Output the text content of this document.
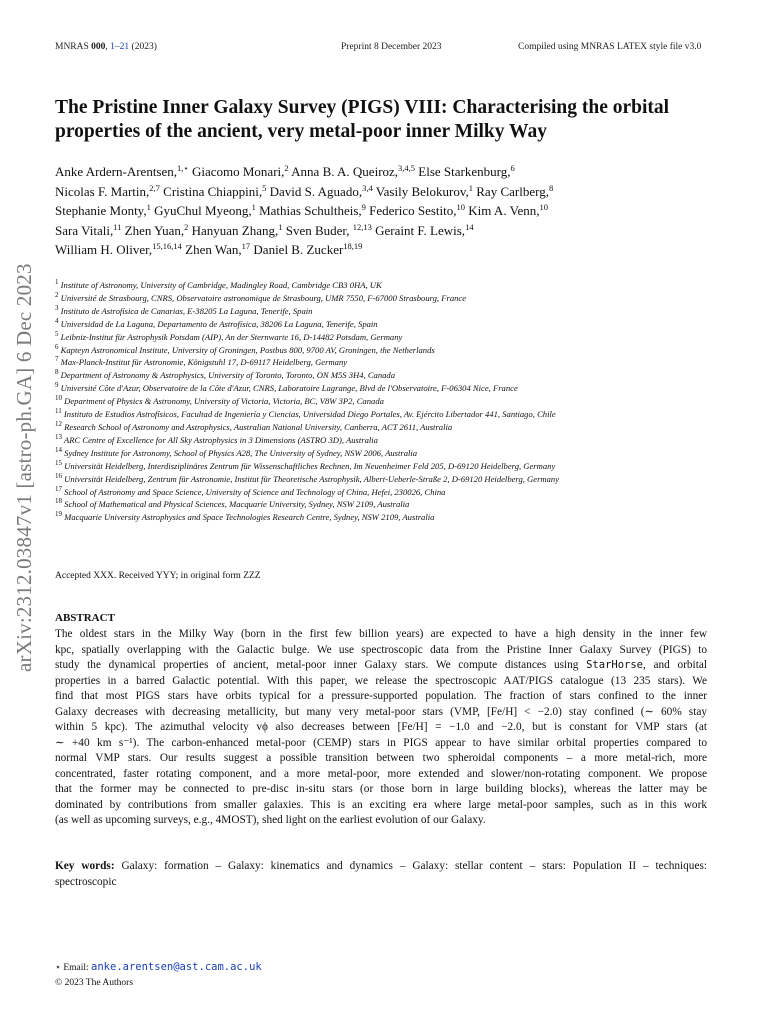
MNRAS 000, 1–21 (2023)	Preprint 8 December 2023	Compiled using MNRAS LATEX style file v3.0
arXiv:2312.03847v1 [astro-ph.GA] 6 Dec 2023
The Pristine Inner Galaxy Survey (PIGS) VIII: Characterising the orbital
properties of the ancient, very metal-poor inner Milky Way
Anke Ardern-Arentsen,$^{1,⋆}$ Giacomo Monari,$^2$ Anna B. A. Queiroz,$^{3,4,5}$ Else Starkenburg,$^6$
Nicolas F. Martin,$^{2,7}$ Cristina Chiappini,$^5$ David S. Aguado,$^{3,4}$ Vasily Belokurov,$^1$ Ray Carlberg,$^8$
Stephanie Monty,$^1$ GyuChul Myeong,$^1$ Mathias Schultheis,$^9$ Federico Sestito,$^{10}$ Kim A. Venn,$^{10}$
Sara Vitali,$^{11}$ Zhen Yuan,$^2$ Hanyuan Zhang,$^1$ Sven Buder, $^{12,13}$ Geraint F. Lewis,$^{14}$
William H. Oliver,$^{15,16,14}$ Zhen Wan,$^{17}$ Daniel B. Zucker$^{18,19}$
$^1$ Institute of Astronomy, University of Cambridge, Madingley Road, Cambridge CB3 0HA, UK
$^2$ Université de Strasbourg, CNRS, Observatoire astronomique de Strasbourg, UMR 7550, F-67000 Strasbourg, France
$^3$ Instituto de Astrofísica de Canarias, E-38205 La Laguna, Tenerife, Spain
$^4$ Universidad de La Laguna, Departamento de Astrofísica, 38206 La Laguna, Tenerife, Spain
$^5$ Leibniz-Institut für Astrophysik Potsdam (AIP), An der Sternwarte 16, D-14482 Potsdam, Germany
$^6$ Kapteyn Astronomical Institute, University of Groningen, Postbus 800, 9700 AV, Groningen, the Netherlands
$^7$ Max-Planck-Institut für Astronomie, Königstuhl 17, D-69117 Heidelberg, Germany
$^8$ Department of Astronomy & Astrophysics, University of Toronto, Toronto, ON M5S 3H4, Canada
$^9$ Université Côte d'Azur, Observatoire de la Côte d'Azur, CNRS, Laboratoire Lagrange, Blvd de l'Observatoire, F-06304 Nice, France
$^{10}$ Department of Physics & Astronomy, University of Victoria, Victoria, BC, V8W 3P2, Canada
$^{11}$ Instituto de Estudios Astrofísicos, Facultad de Ingeniería y Ciencias, Universidad Diego Portales, Av. Ejército Libertador 441, Santiago, Chile
$^{12}$ Research School of Astronomy and Astrophysics, Australian National University, Canberra, ACT 2611, Australia
$^{13}$ ARC Centre of Excellence for All Sky Astrophysics in 3 Dimensions (ASTRO 3D), Australia
$^{14}$ Sydney Institute for Astronomy, School of Physics A28, The University of Sydney, NSW 2006, Australia
$^{15}$ Universität Heidelberg, Interdisziplinäres Zentrum für Wissenschaftliches Rechnen, Im Neuenheimer Feld 205, D-69120 Heidelberg, Germany
$^{16}$ Universität Heidelberg, Zentrum für Astronomie, Institut für Theoretische Astrophysik, Albert-Ueberle-Straße 2, D-69120 Heidelberg, Germany
$^{17}$ School of Astronomy and Space Science, University of Science and Technology of China, Hefei, 230026, China
$^{18}$ School of Mathematical and Physical Sciences, Macquarie University, Sydney, NSW 2109, Australia
$^{19}$ Macquarie University Astrophysics and Space Technologies Research Centre, Sydney, NSW 2109, Australia
Accepted XXX. Received YYY; in original form ZZZ
ABSTRACT
The oldest stars in the Milky Way (born in the first few billion years) are expected to have a high density in the inner few
kpc, spatially overlapping with the Galactic bulge. We use spectroscopic data from the Pristine Inner Galaxy Survey (PIGS) to
study the dynamical properties of ancient, metal-poor inner Galaxy stars. We compute distances using StarHorse, and orbital
properties in a barred Galactic potential. With this paper, we release the spectroscopic AAT/PIGS catalogue (13 235 stars). We
find that most PIGS stars have orbits typical for a pressure-supported population. The fraction of stars confined to the inner
Galaxy decreases with decreasing metallicity, but many very metal-poor stars (VMP, [Fe/H] < −2.0) stay confined (∼ 60% stay
within 5 kpc). The azimuthal velocity vϕ also decreases between [Fe/H] = −1.0 and −2.0, but is constant for VMP stars (at
∼ +40 km s⁻¹). The carbon-enhanced metal-poor (CEMP) stars in PIGS appear to have similar orbital properties compared to
normal VMP stars. Our results suggest a possible transition between two spheroidal components – a more metal-rich, more
concentrated, faster rotating component, and a more metal-poor, more extended and slower/non-rotating component. We propose
that the former may be connected to pre-disc in-situ stars (or those born in large building blocks), whereas the latter may be
dominated by contributions from smaller galaxies. This is an exciting era where large metal-poor samples, such as in this work
(as well as upcoming surveys, e.g., 4MOST), shed light on the earliest evolution of our Galaxy.
Key words: Galaxy: formation – Galaxy: kinematics and dynamics – Galaxy: stellar content – stars: Population II – techniques:
spectroscopic
⋆ Email: anke.arentsen@ast.cam.ac.uk
© 2023 The Authors
